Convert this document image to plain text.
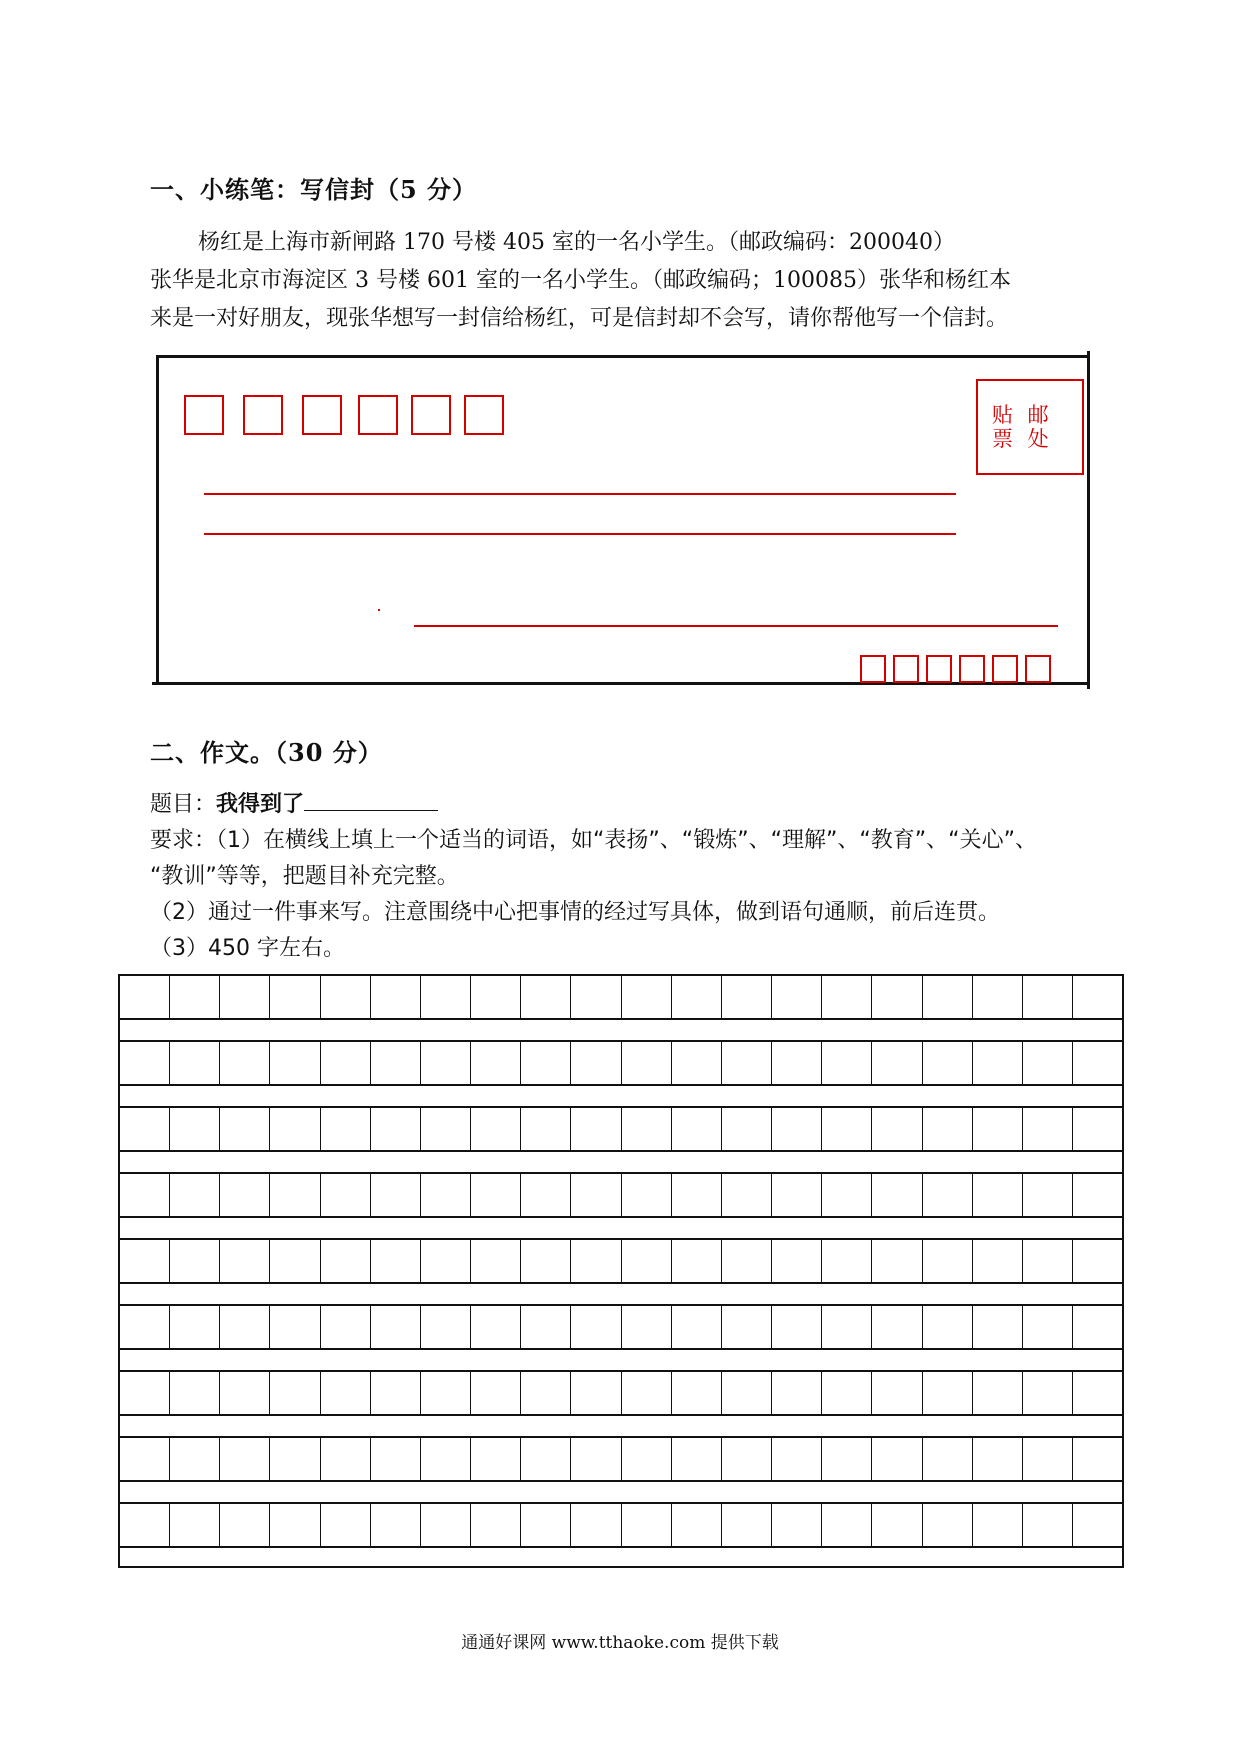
一、小练笔：写信封（5 分）
杨红是上海市新闸路 170 号楼 405 室的一名小学生。（邮政编码：200040）
张华是北京市海淀区 3 号楼 601 室的一名小学生。（邮政编码；100085）张华和杨红本
来是一对好朋友，现张华想写一封信给杨红，可是信封却不会写，请你帮他写一个信封。
贴 邮
票 处
二、作文。（30 分）
题目：我得到了
要求：（1）在横线上填上一个适当的词语，如“表扬”、“锻炼”、“理解”、“教育”、“关心”、
“教训”等等，把题目补充完整。
（2）通过一件事来写。注意围绕中心把事情的经过写具体，做到语句通顺，前后连贯。
（3）450 字左右。
通通好课网 www.tthaoke.com 提供下载
